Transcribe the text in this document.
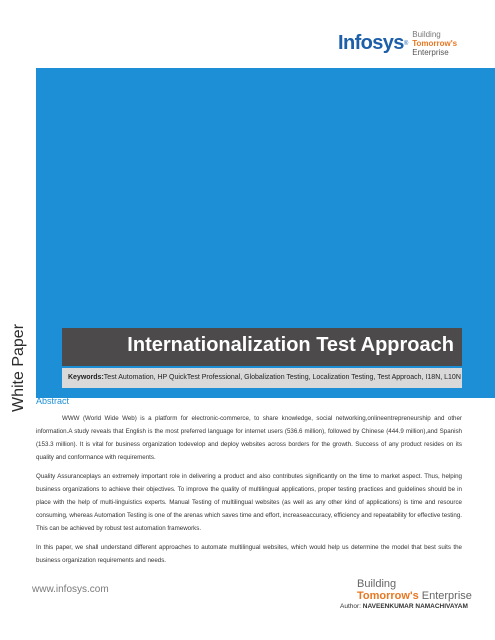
Infosys ®
Building
Tomorrow's Enterprise
Internationalization Test Approach
Keywords:Test Automation, HP QuickTest Professional, Globalization Testing, Localization Testing, Test Approach, I18N, L10N
White Paper Abstract

WWW (World Wide Web) is a platform for electronic-commerce, to share knowledge, social networking,onlineentrepreneurship and other information.A study reveals that English is the most preferred language for internet users (536.6 million), followed by Chinese (444.9 million),and Spanish (153.3 million). It is vital for business organization todevelop and deploy websites across borders for the growth. Success of any product resides on its quality and conformance with requirements.

Quality Assuranceplays an extremely important role in delivering a product and also contributes significantly on the time to market aspect. Thus, helping business organizations to achieve their objectives. To improve the quality of multilingual applications, proper testing practices and guidelines should be in place with the help of multi-linguistics experts. Manual Testing of multilingual websites (as well as any other kind of applications) is time and resource consuming, whereas Automation Testing is one of the arenas which saves time and effort, increaseaccuracy, efficiency and repeatability for effective testing. This can be achieved by robust test automation frameworks.

In this paper, we shall understand different approaches to automate multilingual websites, which would help us determine the model that best suits the business organization requirements and needs.

www.infosys.com	Building
Tomorrow's Enterprise
Author: NAVEENKUMAR NAMACHIVAYAM
